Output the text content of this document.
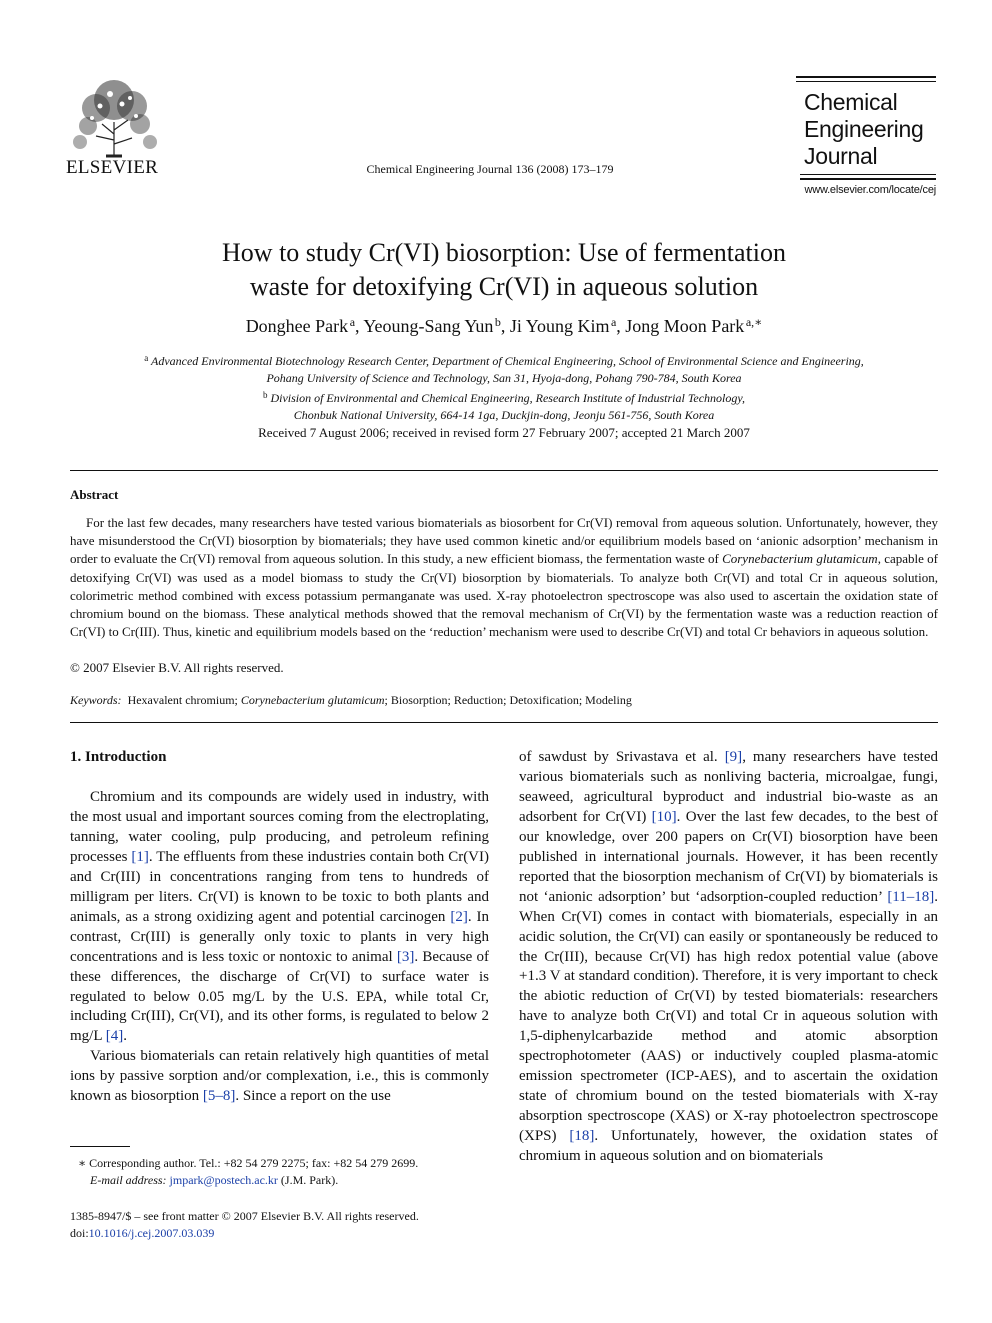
ELSEVIER	Chemical Engineering Journal 136 (2008) 173–179
Chemical
Engineering
Journal
www.elsevier.com/locate/cej
How to study Cr(VI) biosorption: Use of fermentation
waste for detoxifying Cr(VI) in aqueous solution
Donghee Park  $^a$, Yeoung-Sang Yun  $^b$, Ji Young Kim  $^a$, Jong Moon Park  $^{a,∗}$
$^a$ Advanced Environmental Biotechnology Research Center, Department of Chemical Engineering, School of Environmental Science and Engineering,
Pohang University of Science and Technology, San 31, Hyoja-dong, Pohang 790-784, South Korea
$^b$ Division of Environmental and Chemical Engineering, Research Institute of Industrial Technology,
Chonbuk National University, 664-14 1ga, Duckjin-dong, Jeonju 561-756, South Korea
Received 7 August 2006; received in revised form 27 February 2007; accepted 21 March 2007
Abstract
For the last few decades, many researchers have tested various biomaterials as biosorbent for Cr(VI) removal from aqueous solution. Unfortunately, however, they have misunderstood the Cr(VI) biosorption by biomaterials; they have used common kinetic and/or equilibrium models based on ‘anionic adsorption’ mechanism in order to evaluate the Cr(VI) removal from aqueous solution. In this study, a new efficient biomass, the fermentation waste of Corynebacterium glutamicum, capable of detoxifying Cr(VI) was used as a model biomass to study the Cr(VI) biosorption by biomaterials. To analyze both Cr(VI) and total Cr in aqueous solution, colorimetric method combined with excess potassium permanganate was used. X-ray photoelectron spectroscope was also used to ascertain the oxidation state of chromium bound on the biomass. These analytical methods showed that the removal mechanism of Cr(VI) by the fermentation waste was a reduction reaction of Cr(VI) to Cr(III). Thus, kinetic and equilibrium models based on the ‘reduction’ mechanism were used to describe Cr(VI) and total Cr behaviors in aqueous solution.
© 2007 Elsevier B.V. All rights reserved.
Keywords: Hexavalent chromium; Corynebacterium glutamicum; Biosorption; Reduction; Detoxification; Modeling
1. Introduction

Chromium and its compounds are widely used in industry, with the most usual and important sources coming from the electroplating, tanning, water cooling, pulp producing, and petroleum refining processes [1]. The effluents from these industries contain both Cr(VI) and Cr(III) in concentrations ranging from tens to hundreds of milligram per liters. Cr(VI) is known to be toxic to both plants and animals, as a strong oxidizing agent and potential carcinogen [2]. In contrast, Cr(III) is generally only toxic to plants in very high concentrations and is less toxic or nontoxic to animal [3]. Because of these differences, the discharge of Cr(VI) to surface water is regulated to below 0.05 mg/L by the U.S. EPA, while total Cr, including Cr(III), Cr(VI), and its other forms, is regulated to below 2 mg/L [4].

Various biomaterials can retain relatively high quantities of metal ions by passive sorption and/or complexation, i.e., this is commonly known as biosorption [5–8]. Since a report on the use

of sawdust by Srivastava et al. [9], many researchers have tested various biomaterials such as nonliving bacteria, microalgae, fungi, seaweed, agricultural byproduct and industrial bio-waste as an adsorbent for Cr(VI) [10]. Over the last few decades, to the best of our knowledge, over 200 papers on Cr(VI) biosorption have been published in international journals. However, it has been recently reported that the biosorption mechanism of Cr(VI) by biomaterials is not ‘anionic adsorption’ but ‘adsorption-coupled reduction’ [11–18]. When Cr(VI) comes in contact with biomaterials, especially in an acidic solution, the Cr(VI) can easily or spontaneously be reduced to the Cr(III), because Cr(VI) has high redox potential value (above +1.3 V at standard condition). Therefore, it is very important to check the abiotic reduction of Cr(VI) by tested biomaterials: researchers have to analyze both Cr(VI) and total Cr in aqueous solution with 1,5-diphenylcarbazide method and atomic absorption spectrophotometer (AAS) or inductively coupled plasma-atomic emission spectrometer (ICP-AES), and to ascertain the oxidation state of chromium bound on the tested biomaterials with X-ray absorption spectroscope (XAS) or X-ray photoelectron spectroscope (XPS) [18]. Unfortunately, however, the oxidation states of chromium in aqueous solution and on biomaterials

∗ Corresponding author. Tel.: +82 54 279 2275; fax: +82 54 279 2699.
E-mail address: jmpark@postech.ac.kr (J.M. Park).
1385-8947/$ – see front matter © 2007 Elsevier B.V. All rights reserved.
doi:10.1016/j.cej.2007.03.039
